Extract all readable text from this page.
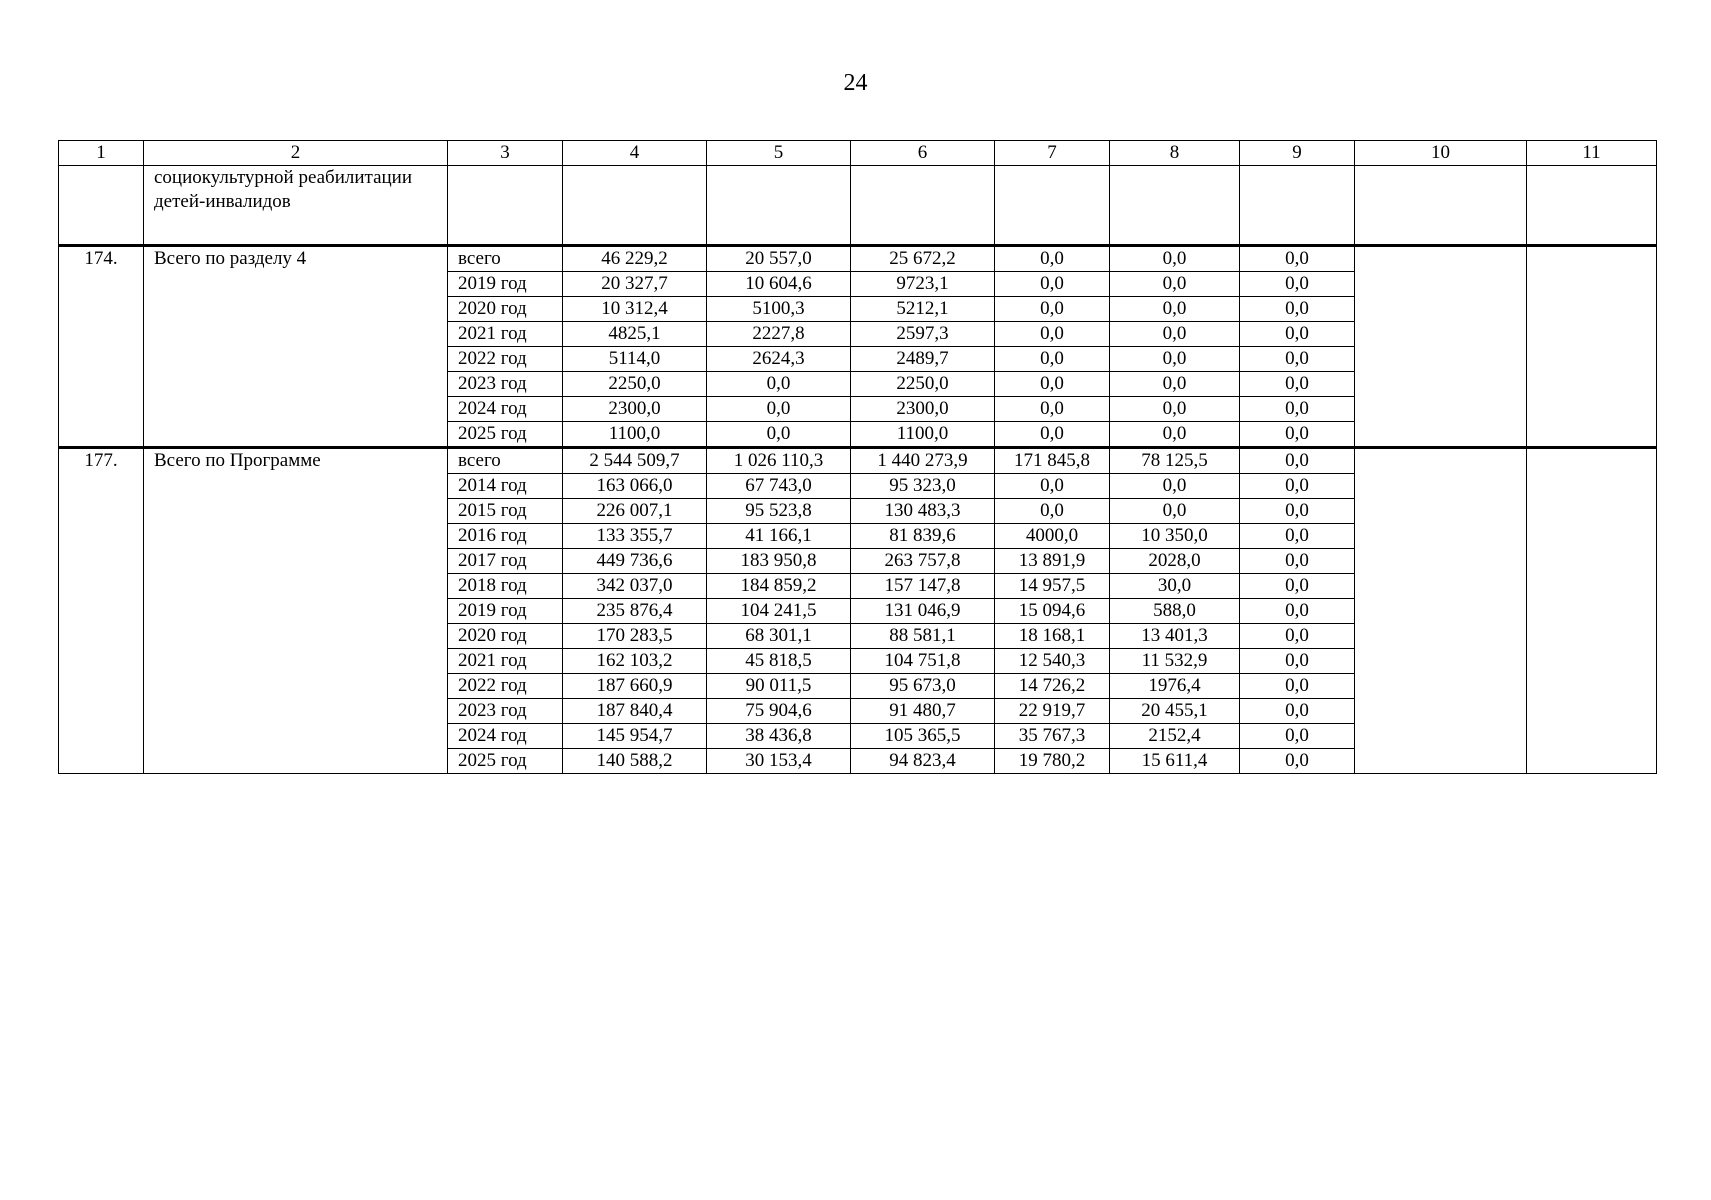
24
1	2	3	4	5	6	7	8	9	10	11
	социокультурной реабилитации детей-инвалидов									
174.	Всего по разделу 4	всего	46 229,2	20 557,0	25 672,2	0,0	0,0	0,0		
		2019 год	20 327,7	10 604,6	9723,1	0,0	0,0	0,0		
		2020 год	10 312,4	5100,3	5212,1	0,0	0,0	0,0		
		2021 год	4825,1	2227,8	2597,3	0,0	0,0	0,0		
		2022 год	5114,0	2624,3	2489,7	0,0	0,0	0,0		
		2023 год	2250,0	0,0	2250,0	0,0	0,0	0,0		
		2024 год	2300,0	0,0	2300,0	0,0	0,0	0,0		
		2025 год	1100,0	0,0	1100,0	0,0	0,0	0,0		
177.	Всего по Программе	всего	2 544 509,7	1 026 110,3	1 440 273,9	171 845,8	78 125,5	0,0		
		2014 год	163 066,0	67 743,0	95 323,0	0,0	0,0	0,0		
		2015 год	226 007,1	95 523,8	130 483,3	0,0	0,0	0,0		
		2016 год	133 355,7	41 166,1	81 839,6	4000,0	10 350,0	0,0		
		2017 год	449 736,6	183 950,8	263 757,8	13 891,9	2028,0	0,0		
		2018 год	342 037,0	184 859,2	157 147,8	14 957,5	30,0	0,0		
		2019 год	235 876,4	104 241,5	131 046,9	15 094,6	588,0	0,0		
		2020 год	170 283,5	68 301,1	88 581,1	18 168,1	13 401,3	0,0		
		2021 год	162 103,2	45 818,5	104 751,8	12 540,3	11 532,9	0,0		
		2022 год	187 660,9	90 011,5	95 673,0	14 726,2	1976,4	0,0		
		2023 год	187 840,4	75 904,6	91 480,7	22 919,7	20 455,1	0,0		
		2024 год	145 954,7	38 436,8	105 365,5	35 767,3	2152,4	0,0		
		2025 год	140 588,2	30 153,4	94 823,4	19 780,2	15 611,4	0,0		
